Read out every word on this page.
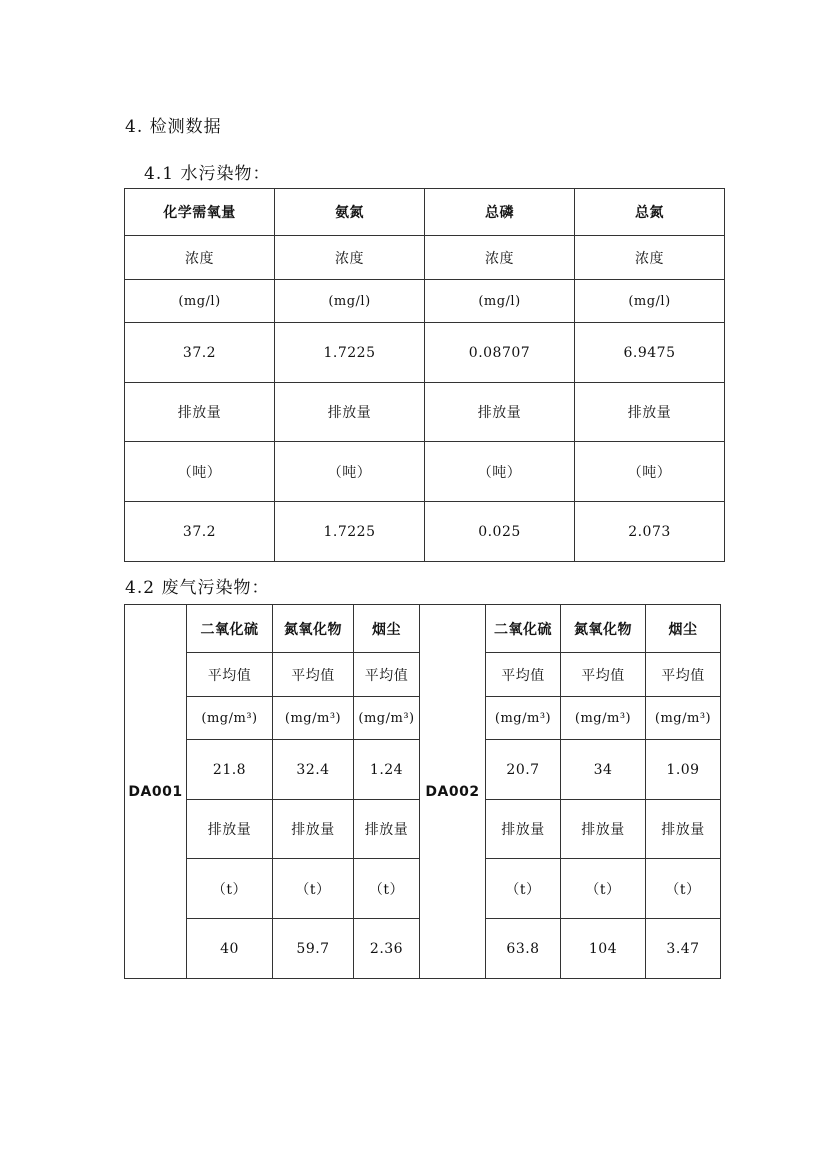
4. 检测数据
4.1 水污染物：
化学需氧量	氨氮	总磷	总氮
浓度	浓度	浓度	浓度
(mg/l)	(mg/l)	(mg/l)	(mg/l)
37.2	1.7225	0.08707	6.9475
排放量	排放量	排放量	排放量
（吨）	（吨）	（吨）	（吨）
37.2	1.7225	0.025	2.073
4.2 废气污染物：
DA001	二氧化硫	氮氧化物	烟尘	DA002	二氧化硫	氮氧化物	烟尘
	平均值	平均值	平均值		平均值	平均值	平均值
	(mg/m³)	(mg/m³)	(mg/m³)		(mg/m³)	(mg/m³)	(mg/m³)
	21.8	32.4	1.24		20.7	34	1.09
	排放量	排放量	排放量		排放量	排放量	排放量
	（t）	（t）	（t）		（t）	（t）	（t）
	40	59.7	2.36		63.8	104	3.47
